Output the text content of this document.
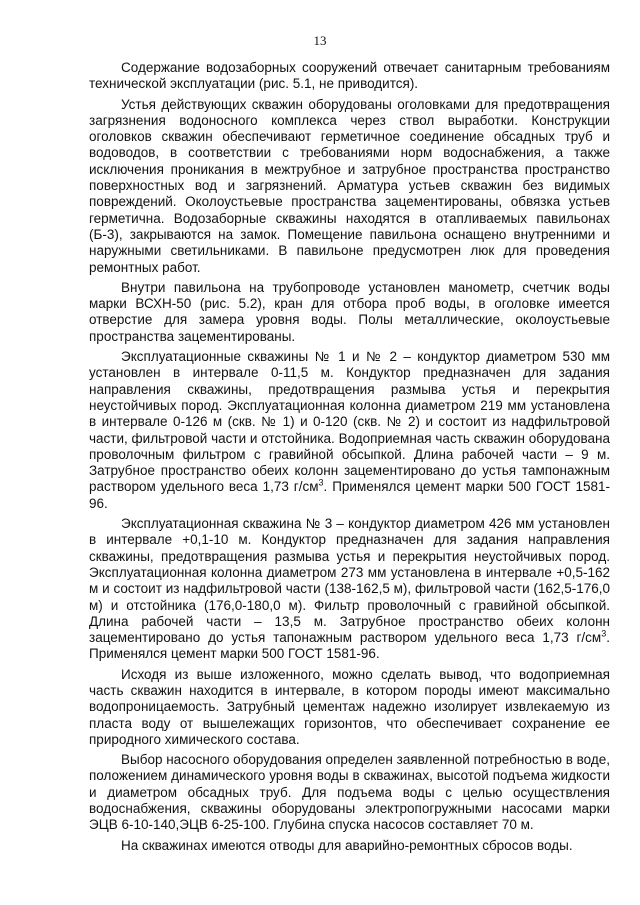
13

Содержание водозаборных сооружений отвечает санитарным требованиям технической эксплуатации (рис. 5.1, не приводится).

Устья действующих скважин оборудованы оголовками для предотвращения загрязнения водоносного комплекса через ствол выработки. Конструкции оголовков скважин обеспечивают герметичное соединение обсадных труб и водоводов, в соответствии с требованиями норм водоснабжения, а также исключения проникания в межтрубное и затрубное пространства пространство поверхностных вод и загрязнений. Арматура устьев скважин без видимых повреждений. Околоустьевые пространства зацементированы, обвязка устьев герметична. Водозаборные скважины находятся в отапливаемых павильонах (Б-3), закрываются на замок. Помещение павильона оснащено внутренними и наружными светильниками. В павильоне предусмотрен люк для проведения ремонтных работ.

Внутри павильона на трубопроводе установлен манометр, счетчик воды марки ВСХН-50 (рис. 5.2), кран для отбора проб воды, в оголовке имеется отверстие для замера уровня воды. Полы металлические, околоустьевые пространства зацементированы.

Эксплуатационные скважины № 1 и № 2 – кондуктор диаметром 530 мм установлен в интервале 0-11,5 м. Кондуктор предназначен для задания направления скважины, предотвращения размыва устья и перекрытия неустойчивых пород. Эксплуатационная колонна диаметром 219 мм установлена в интервале 0-126 м (скв. № 1) и 0-120 (скв. № 2) и состоит из надфильтровой части, фильтровой части и отстойника. Водоприемная часть скважин оборудована проволочным фильтром с гравийной обсыпкой. Длина рабочей части – 9 м. Затрубное пространство обеих колонн зацементировано до устья тампонажным раствором удельного веса 1,73 $г/см^3$. Применялся цемент марки 500 ГОСТ 1581-96.

Эксплуатационная скважина № 3 – кондуктор диаметром 426 мм установлен в интервале +0,1-10 м. Кондуктор предназначен для задания направления скважины, предотвращения размыва устья и перекрытия неустойчивых пород. Эксплуатационная колонна диаметром 273 мм установлена в интервале +0,5-162 м и состоит из надфильтровой части (138-162,5 м), фильтровой части (162,5-176,0 м) и отстойника (176,0-180,0 м). Фильтр проволочный с гравийной обсыпкой. Длина рабочей части – 13,5 м. Затрубное пространство обеих колонн зацементировано до устья тапонажным раствором удельного веса 1,73 $г/см^3$. Применялся цемент марки 500 ГОСТ 1581-96.

Исходя из выше изложенного, можно сделать вывод, что водоприемная часть скважин находится в интервале, в котором породы имеют максимально водопроницаемость. Затрубный цементаж надежно изолирует извлекаемую из пласта воду от вышележащих горизонтов, что обеспечивает сохранение ее природного химического состава.

Выбор насосного оборудования определен заявленной потребностью в воде, положением динамического уровня воды в скважинах, высотой подъема жидкости и диаметром обсадных труб. Для подъема воды с целью осуществления водоснабжения, скважины оборудованы электропогружными насосами марки ЭЦВ 6-10-140,ЭЦВ 6-25-100. Глубина спуска насосов составляет 70 м.

На скважинах имеются отводы для аварийно-ремонтных сбросов воды.
